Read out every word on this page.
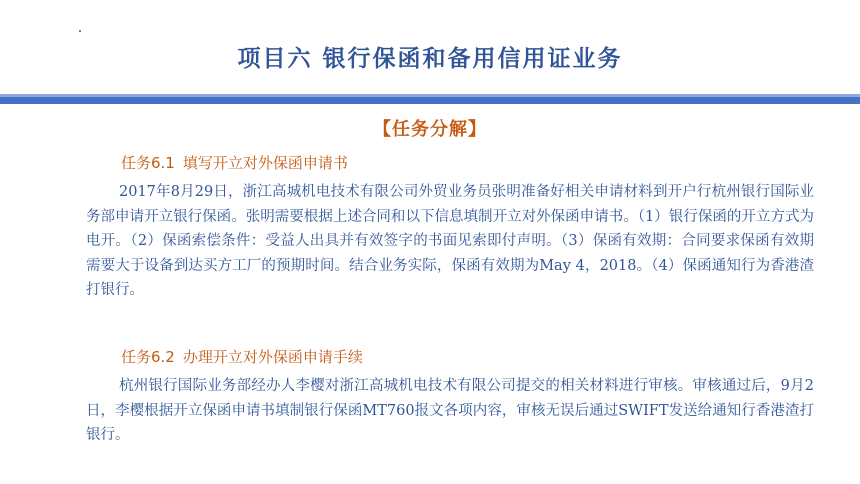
项目六 银行保函和备用信用证业务
【任务分解】
任务6.1 填写开立对外保函申请书

2017年8月29日，浙江高城机电技术有限公司外贸业务员张明准备好相关申请材料到开户行杭州银行国际业务部申请开立银行保函。张明需要根据上述合同和以下信息填制开立对外保函申请书。（1）银行保函的开立方式为电开。（2）保函索偿条件：受益人出具并有效签字的书面见索即付声明。（3）保函有效期：合同要求保函有效期需要大于设备到达买方工厂的预期时间。结合业务实际，保函有效期为May 4，2018。（4）保函通知行为香港渣打银行。

任务6.2 办理开立对外保函申请手续

杭州银行国际业务部经办人李樱对浙江高城机电技术有限公司提交的相关材料进行审核。审核通过后，9月2日，李樱根据开立保函申请书填制银行保函MT760报文各项内容，审核无误后通过SWIFT发送给通知行香港渣打银行。
